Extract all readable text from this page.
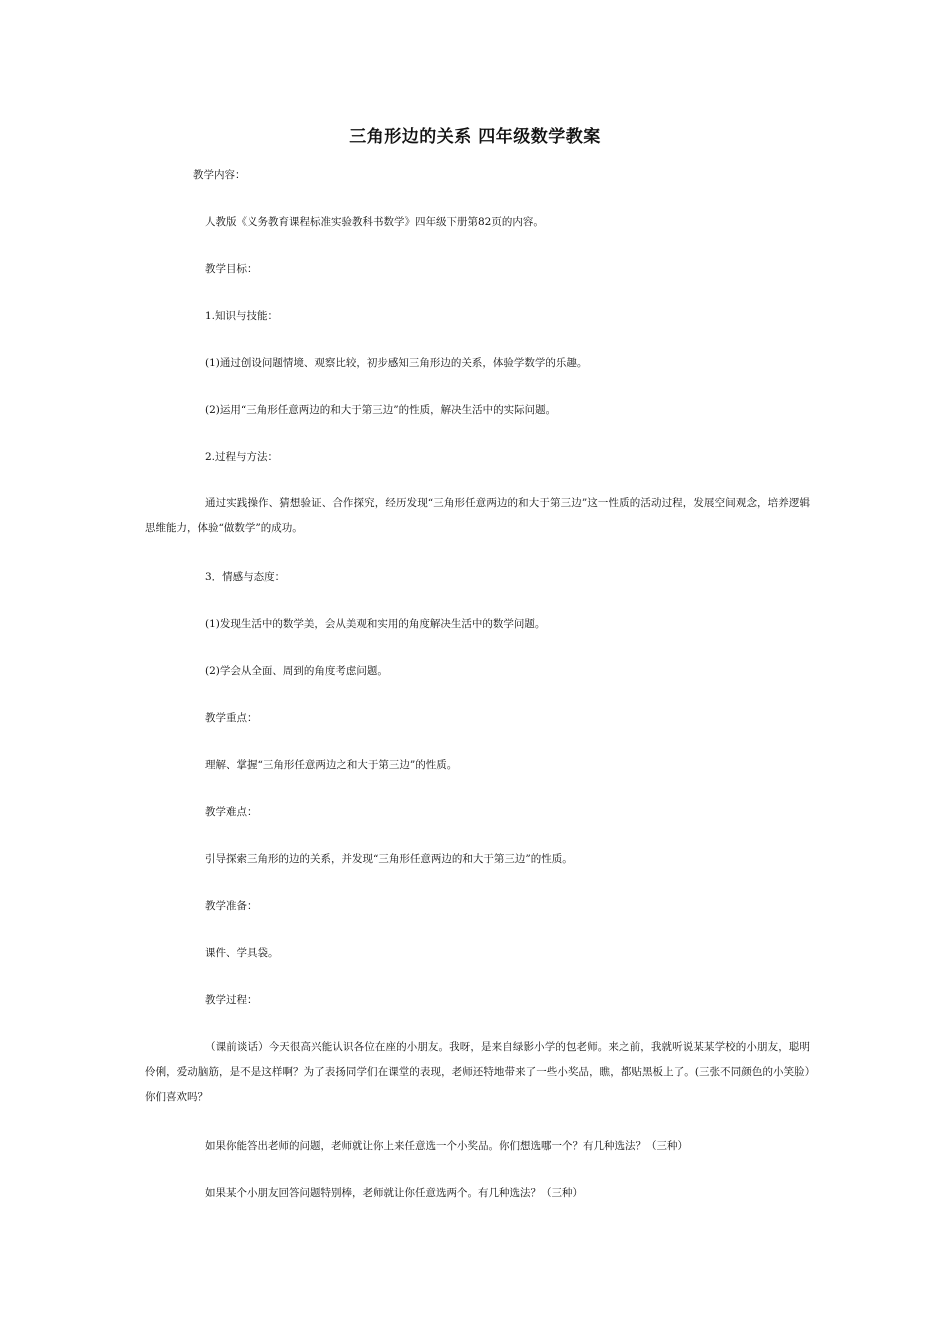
三角形边的关系 四年级数学教案
教学内容：
人教版《义务教育课程标准实验教科书数学》四年级下册第82页的内容。
教学目标：
1.知识与技能：
(1)通过创设问题情境、观察比较，初步感知三角形边的关系，体验学数学的乐趣。
(2)运用“三角形任意两边的和大于第三边”的性质，解决生活中的实际问题。
2.过程与方法：
通过实践操作、猜想验证、合作探究，经历发现“三角形任意两边的和大于第三边”这一性质的活动过程，发展空间观念，培养逻辑思维能力，体验“做数学”的成功。
3．情感与态度：
(1)发现生活中的数学美，会从美观和实用的角度解决生活中的数学问题。
(2)学会从全面、周到的角度考虑问题。
教学重点：
理解、掌握“三角形任意两边之和大于第三边”的性质。
教学难点：
引导探索三角形的边的关系，并发现“三角形任意两边的和大于第三边”的性质。
教学准备：
课件、学具袋。
教学过程：
（课前谈话）今天很高兴能认识各位在座的小朋友。我呀，是来自绿影小学的包老师。来之前，我就听说某某学校的小朋友，聪明伶俐，爱动脑筋，是不是这样啊？为了表扬同学们在课堂的表现，老师还特地带来了一些小奖品，瞧，都贴黑板上了。(三张不同颜色的小笑脸）你们喜欢吗？
如果你能答出老师的问题，老师就让你上来任意选一个小奖品。你们想选哪一个？有几种选法？（三种）
如果某个小朋友回答问题特别棒，老师就让你任意选两个。有几种选法？（三种）
